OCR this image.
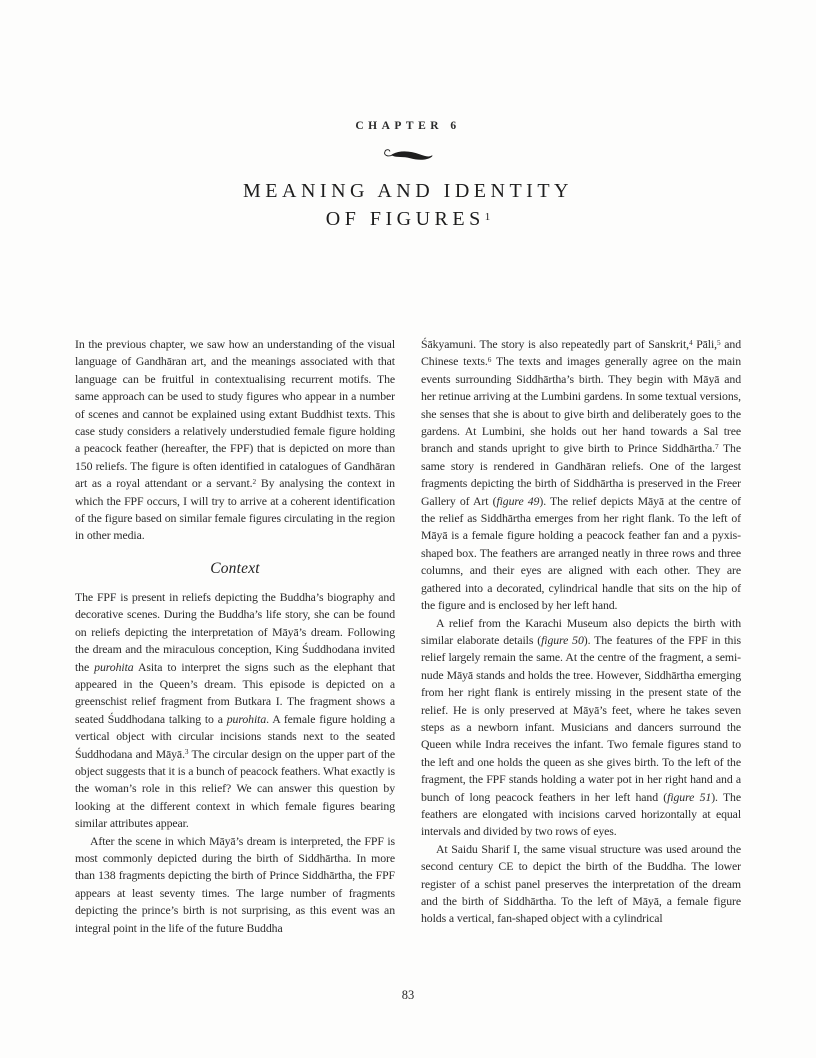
CHAPTER 6
MEANING AND IDENTITY
OF FIGURES$^1$

In the previous chapter, we saw how an understanding of the visual language of Gandhāran art, and the meanings associated with that language can be fruitful in contextualising recurrent motifs. The same approach can be used to study figures who appear in a number of scenes and cannot be explained using extant Buddhist texts. This case study considers a relatively understudied female figure holding a peacock feather (hereafter, the FPF) that is depicted on more than 150 reliefs. The figure is often identified in catalogues of Gandhāran art as a royal attendant or a servant.$^2$ By analysing the context in which the FPF occurs, I will try to arrive at a coherent identification of the figure based on similar female figures circulating in the region in other media.

Context

The FPF is present in reliefs depicting the Buddha’s biography and decorative scenes. During the Buddha’s life story, she can be found on reliefs depicting the interpretation of Māyā’s dream. Following the dream and the miraculous conception, King Śuddhodana invited the purohita Asita to interpret the signs such as the elephant that appeared in the Queen’s dream. This episode is depicted on a greenschist relief fragment from Butkara I. The fragment shows a seated Śuddhodana talking to a purohita. A female figure holding a vertical object with circular incisions stands next to the seated Śuddhodana and Māyā.$^3$ The circular design on the upper part of the object suggests that it is a bunch of peacock feathers. What exactly is the woman’s role in this relief? We can answer this question by looking at the different context in which female figures bearing similar attributes appear.

After the scene in which Māyā’s dream is interpreted, the FPF is most commonly depicted during the birth of Siddhārtha. In more than 138 fragments depicting the birth of Prince Siddhārtha, the FPF appears at least seventy times. The large number of fragments depicting the prince’s birth is not surprising, as this event was an integral point in the life of the future Buddha

Śākyamuni. The story is also repeatedly part of Sanskrit,$^4$ Pāli,$^5$ and Chinese texts.$^6$ The texts and images generally agree on the main events surrounding Siddhārtha’s birth. They begin with Māyā and her retinue arriving at the Lumbini gardens. In some textual versions, she senses that she is about to give birth and deliberately goes to the gardens. At Lumbini, she holds out her hand towards a Sal tree branch and stands upright to give birth to Prince Siddhārtha.$^7$ The same story is rendered in Gandhāran reliefs. One of the largest fragments depicting the birth of Siddhārtha is preserved in the Freer Gallery of Art (figure 49). The relief depicts Māyā at the centre of the relief as Siddhārtha emerges from her right flank. To the left of Māyā is a female figure holding a peacock feather fan and a pyxis-shaped box. The feathers are arranged neatly in three rows and three columns, and their eyes are aligned with each other. They are gathered into a decorated, cylindrical handle that sits on the hip of the figure and is enclosed by her left hand.

A relief from the Karachi Museum also depicts the birth with similar elaborate details (figure 50). The features of the FPF in this relief largely remain the same. At the centre of the fragment, a semi-nude Māyā stands and holds the tree. However, Siddhārtha emerging from her right flank is entirely missing in the present state of the relief. He is only preserved at Māyā’s feet, where he takes seven steps as a newborn infant. Musicians and dancers surround the Queen while Indra receives the infant. Two female figures stand to the left and one holds the queen as she gives birth. To the left of the fragment, the FPF stands holding a water pot in her right hand and a bunch of long peacock feathers in her left hand (figure 51). The feathers are elongated with incisions carved horizontally at equal intervals and divided by two rows of eyes.

At Saidu Sharif I, the same visual structure was used around the second century CE to depict the birth of the Buddha. The lower register of a schist panel preserves the interpretation of the dream and the birth of Siddhārtha. To the left of Māyā, a female figure holds a vertical, fan-shaped object with a cylindrical

83
